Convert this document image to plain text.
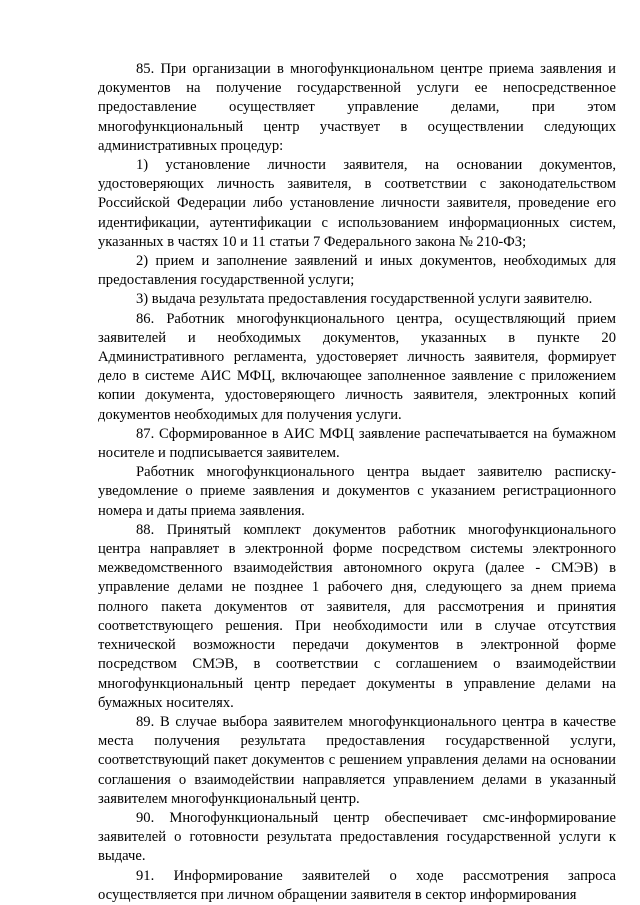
85. При организации в многофункциональном центре приема заявления и документов на получение государственной услуги ее непосредственное предоставление осуществляет управление делами, при этом многофункциональный центр участвует в осуществлении следующих административных процедур:

1) установление личности заявителя, на основании документов, удостоверяющих личность заявителя, в соответствии с законодательством Российской Федерации либо установление личности заявителя, проведение его идентификации, аутентификации с использованием информационных систем, указанных в частях 10 и 11 статьи 7 Федерального закона № 210-ФЗ;

2) прием и заполнение заявлений и иных документов, необходимых для предоставления государственной услуги;

3) выдача результата предоставления государственной услуги заявителю.

86. Работник многофункционального центра, осуществляющий прием заявителей и необходимых документов, указанных в пункте 20 Административного регламента, удостоверяет личность заявителя, формирует дело в системе АИС МФЦ, включающее заполненное заявление с приложением копии документа, удостоверяющего личность заявителя, электронных копий документов необходимых для получения услуги.

87. Сформированное в АИС МФЦ заявление распечатывается на бумажном носителе и подписывается заявителем.

Работник многофункционального центра выдает заявителю расписку-уведомление о приеме заявления и документов с указанием регистрационного номера и даты приема заявления.

88. Принятый комплект документов работник многофункционального центра направляет в электронной форме посредством системы электронного межведомственного взаимодействия автономного округа (далее - СМЭВ) в управление делами не позднее 1 рабочего дня, следующего за днем приема полного пакета документов от заявителя, для рассмотрения и принятия соответствующего решения. При необходимости или в случае отсутствия технической возможности передачи документов в электронной форме посредством СМЭВ, в соответствии с соглашением о взаимодействии многофункциональный центр передает документы в управление делами на бумажных носителях.

89. В случае выбора заявителем многофункционального центра в качестве места получения результата предоставления государственной услуги, соответствующий пакет документов с решением управления делами на основании соглашения о взаимодействии направляется управлением делами в указанный заявителем многофункциональный центр.

90. Многофункциональный центр обеспечивает смс-информирование заявителей о готовности результата предоставления государственной услуги к выдаче.

91. Информирование заявителей о ходе рассмотрения запроса осуществляется при личном обращении заявителя в сектор информирования
